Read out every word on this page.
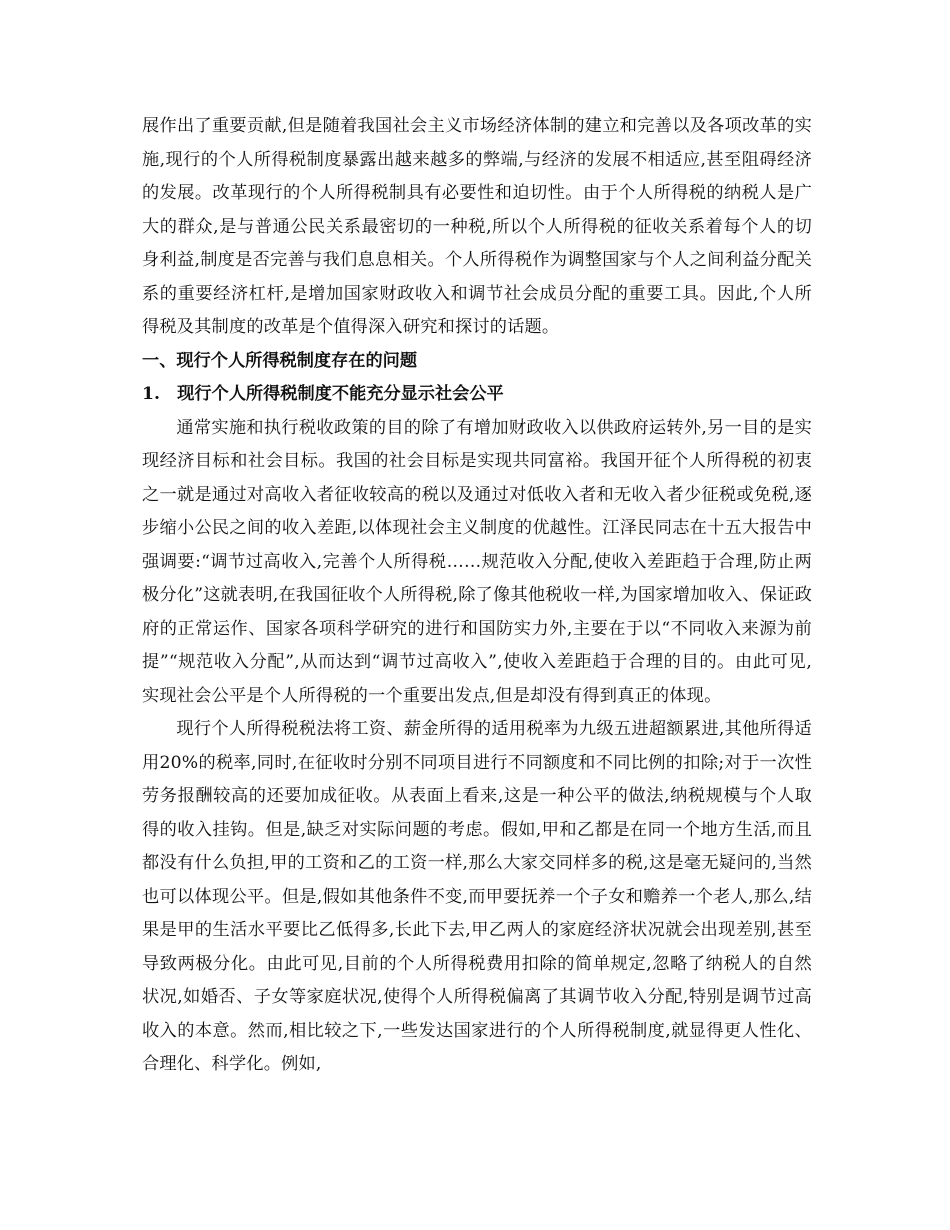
展作出了重要贡献,但是随着我国社会主义市场经济体制的建立和完善以及各项改革的实施,现行的个人所得税制度暴露出越来越多的弊端,与经济的发展不相适应,甚至阻碍经济的发展。改革现行的个人所得税制具有必要性和迫切性。由于个人所得税的纳税人是广大的群众,是与普通公民关系最密切的一种税,所以个人所得税的征收关系着每个人的切身利益,制度是否完善与我们息息相关。个人所得税作为调整国家与个人之间利益分配关系的重要经济杠杆,是增加国家财政收入和调节社会成员分配的重要工具。因此,个人所得税及其制度的改革是个值得深入研究和探讨的话题。

一、现行个人所得税制度存在的问题
1.　现行个人所得税制度不能充分显示社会公平

通常实施和执行税收政策的目的除了有增加财政收入以供政府运转外,另一目的是实现经济目标和社会目标。我国的社会目标是实现共同富裕。我国开征个人所得税的初衷之一就是通过对高收入者征收较高的税以及通过对低收入者和无收入者少征税或免税,逐步缩小公民之间的收入差距,以体现社会主义制度的优越性。江泽民同志在十五大报告中强调要:“调节过高收入,完善个人所得税……规范收入分配,使收入差距趋于合理,防止两极分化”这就表明,在我国征收个人所得税,除了像其他税收一样,为国家增加收入、保证政府的正常运作、国家各项科学研究的进行和国防实力外,主要在于以“不同收入来源为前提”“规范收入分配”,从而达到“调节过高收入”,使收入差距趋于合理的目的。由此可见,实现社会公平是个人所得税的一个重要出发点,但是却没有得到真正的体现。

现行个人所得税税法将工资、薪金所得的适用税率为九级五进超额累进,其他所得适用20%的税率,同时,在征收时分别不同项目进行不同额度和不同比例的扣除;对于一次性劳务报酬较高的还要加成征收。从表面上看来,这是一种公平的做法,纳税规模与个人取得的收入挂钩。但是,缺乏对实际问题的考虑。假如,甲和乙都是在同一个地方生活,而且都没有什么负担,甲的工资和乙的工资一样,那么大家交同样多的税,这是毫无疑问的,当然也可以体现公平。但是,假如其他条件不变,而甲要抚养一个子女和赡养一个老人,那么,结果是甲的生活水平要比乙低得多,长此下去,甲乙两人的家庭经济状况就会出现差别,甚至导致两极分化。由此可见,目前的个人所得税费用扣除的简单规定,忽略了纳税人的自然状况,如婚否、子女等家庭状况,使得个人所得税偏离了其调节收入分配,特别是调节过高收入的本意。然而,相比较之下,一些发达国家进行的个人所得税制度,就显得更人性化、合理化、科学化。例如,
